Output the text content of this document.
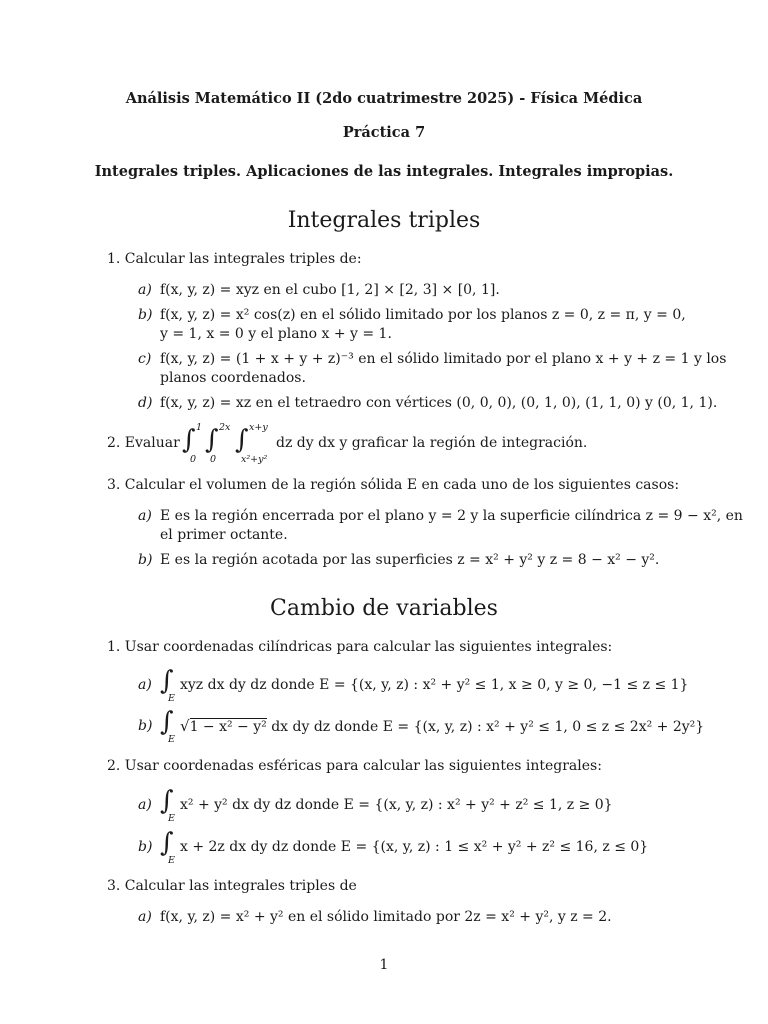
Análisis Matemático II (2do cuatrimestre 2025) - Física Médica
Práctica 7
Integrales triples. Aplicaciones de las integrales. Integrales impropias.
Integrales triples
1. Calcular las integrales triples de:
a) f(x, y, z) = xyz en el cubo [1, 2] × [2, 3] × [0, 1].
b) f(x, y, z) = x² cos(z) en el sólido limitado por los planos z = 0, z = π, y = 0,
y = 1, x = 0 y el plano x + y = 1.
c) f(x, y, z) = (1 + x + y + z)⁻³ en el sólido limitado por el plano x + y + z = 1 y los
planos coordenados.
d) f(x, y, z) = xz en el tetraedro con vértices (0, 0, 0), (0, 1, 0), (1, 1, 0) y (0, 1, 1).
2. Evaluar ∫ 1
0
∫ 2x
0
∫ x+y
x²+y²
dz dy dx y graficar la región de integración.
3. Calcular el volumen de la región sólida E en cada uno de los siguientes casos:
a) E es la región encerrada por el plano y = 2 y la superficie cilíndrica z = 9 − x², en
el primer octante.
b) E es la región acotada por las superficies z = x² + y² y z = 8 − x² − y².
Cambio de variables
1. Usar coordenadas cilíndricas para calcular las siguientes integrales:
a) ∫
E
xyz dx dy dz donde E = {(x, y, z) : x² + y² ≤ 1, x ≥ 0, y ≥ 0, −1 ≤ z ≤ 1}
b) ∫
E
√1 − x² − y² dx dy dz donde E = {(x, y, z) : x² + y² ≤ 1, 0 ≤ z ≤ 2x² + 2y²}
2. Usar coordenadas esféricas para calcular las siguientes integrales:
a) ∫
E
x² + y² dx dy dz donde E = {(x, y, z) : x² + y² + z² ≤ 1, z ≥ 0}
b) ∫
E
x + 2z dx dy dz donde E = {(x, y, z) : 1 ≤ x² + y² + z² ≤ 16, z ≤ 0}
3. Calcular las integrales triples de
a) f(x, y, z) = x² + y² en el sólido limitado por 2z = x² + y², y z = 2.
1
